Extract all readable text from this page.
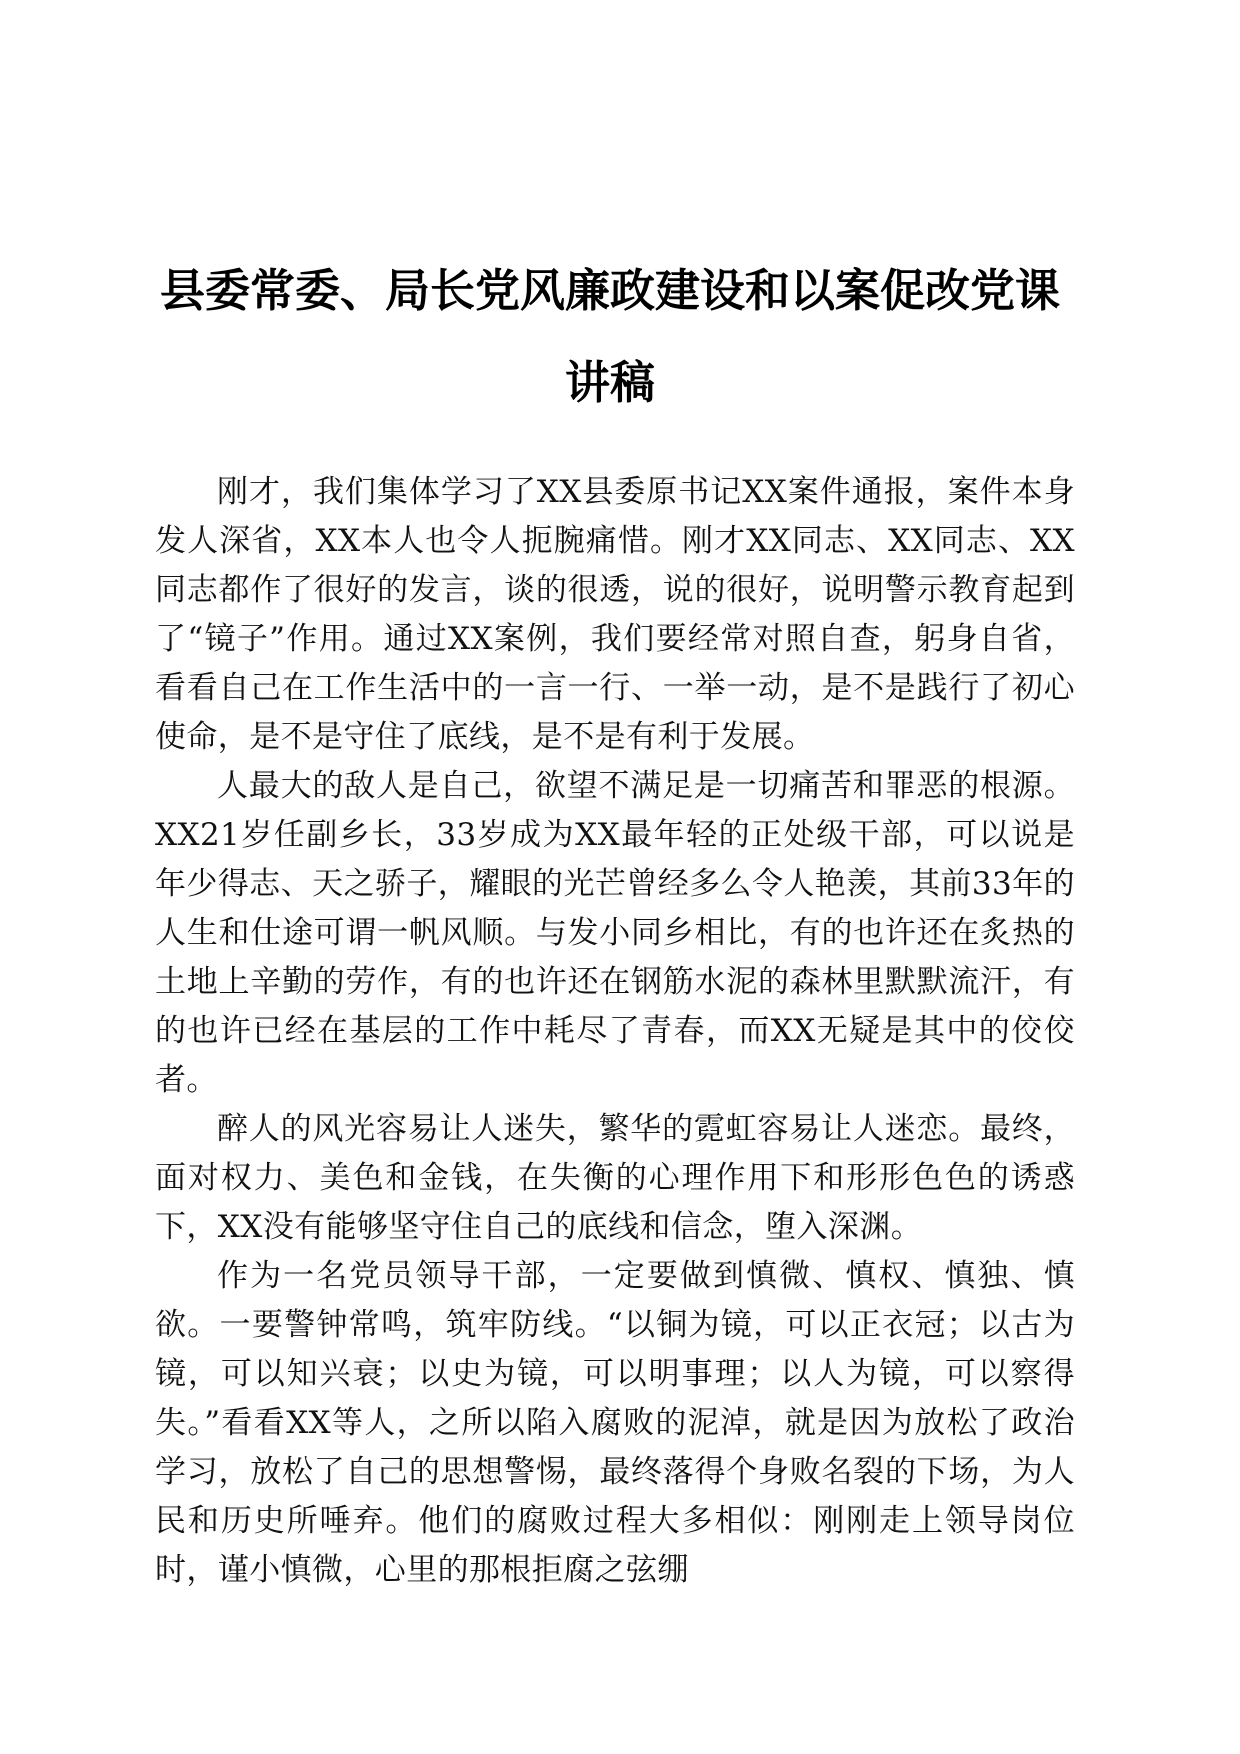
县委常委、局长党风廉政建设和以案促改党课
讲稿

刚才，我们集体学习了XX县委原书记XX案件通报，案件本身发人深省，XX本人也令人扼腕痛惜。刚才XX同志、XX同志、XX同志都作了很好的发言，谈的很透，说的很好，说明警示教育起到了“镜子”作用。通过XX案例，我们要经常对照自查，躬身自省，看看自己在工作生活中的一言一行、一举一动，是不是践行了初心使命，是不是守住了底线，是不是有利于发展。

人最大的敌人是自己，欲望不满足是一切痛苦和罪恶的根源。XX21岁任副乡长，33岁成为XX最年轻的正处级干部，可以说是年少得志、天之骄子，耀眼的光芒曾经多么令人艳羡，其前33年的人生和仕途可谓一帆风顺。与发小同乡相比，有的也许还在炙热的土地上辛勤的劳作，有的也许还在钢筋水泥的森林里默默流汗，有的也许已经在基层的工作中耗尽了青春，而XX无疑是其中的佼佼者。

醉人的风光容易让人迷失，繁华的霓虹容易让人迷恋。最终，面对权力、美色和金钱，在失衡的心理作用下和形形色色的诱惑下，XX没有能够坚守住自己的底线和信念，堕入深渊。

作为一名党员领导干部，一定要做到慎微、慎权、慎独、慎欲。一要警钟常鸣，筑牢防线。“以铜为镜，可以正衣冠；以古为镜，可以知兴衰；以史为镜，可以明事理；以人为镜，可以察得失。”看看XX等人，之所以陷入腐败的泥淖，就是因为放松了政治学习，放松了自己的思想警惕，最终落得个身败名裂的下场，为人民和历史所唾弃。他们的腐败过程大多相似：刚刚走上领导岗位时，谨小慎微，心里的那根拒腐之弦绷
